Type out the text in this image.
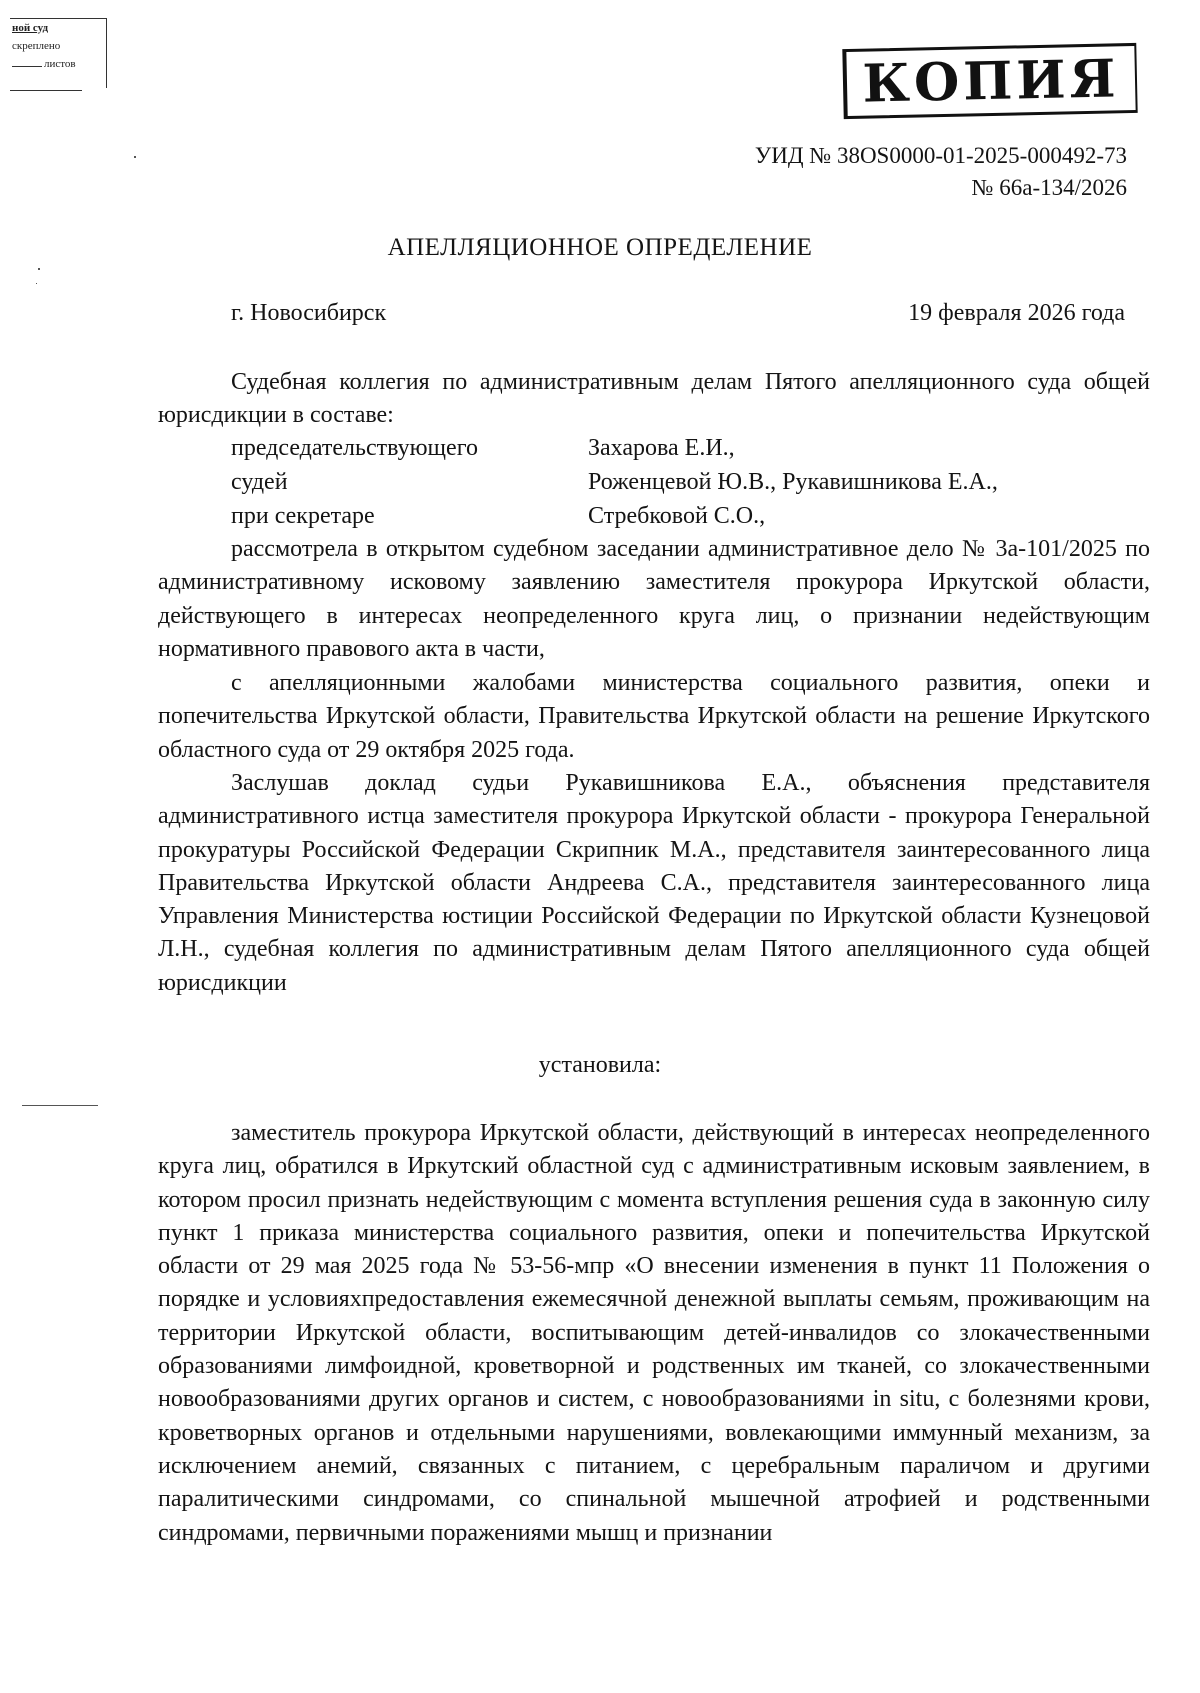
ной суд
скреплено
листов	КОПИЯ
УИД № 38OS0000-01-2025-000492-73
№ 66а-134/2026
АПЕЛЛЯЦИОННОЕ ОПРЕДЕЛЕНИЕ
г. Новосибирск	19 февраля 2026 года

Судебная коллегия по административным делам Пятого апелляционного суда общей юрисдикции в составе:

председательствующего	Захарова Е.И.,
судей	Роженцевой Ю.В., Рукавишникова Е.А.,
при секретаре	Стребковой С.О.,

рассмотрела в открытом судебном заседании административное дело № 3а-101/2025 по административному исковому заявлению заместителя прокурора Иркутской области, действующего в интересах неопределенного круга лиц, о признании недействующим нормативного правового акта в части,

с апелляционными жалобами министерства социального развития, опеки и попечительства Иркутской области, Правительства Иркутской области на решение Иркутского областного суда от 29 октября 2025 года.

Заслушав доклад судьи Рукавишникова Е.А., объяснения представителя административного истца заместителя прокурора Иркутской области - прокурора Генеральной прокуратуры Российской Федерации Скрипник М.А., представителя заинтересованного лица Правительства Иркутской области Андреева С.А., представителя заинтересованного лица Управления Министерства юстиции Российской Федерации по Иркутской области Кузнецовой Л.Н., судебная коллегия по административным делам Пятого апелляционного суда общей юрисдикции

установила:

заместитель прокурора Иркутской области, действующий в интересах неопределенного круга лиц, обратился в Иркутский областной суд с административным исковым заявлением, в котором просил признать недействующим с момента вступления решения суда в законную силу пункт 1 приказа министерства социального развития, опеки и попечительства Иркутской области от 29 мая 2025 года № 53-56-мпр «О внесении изменения в пункт 11 Положения о порядке и условияхпредоставления ежемесячной денежной выплаты семьям, проживающим на территории Иркутской области, воспитывающим детей-инвалидов со злокачественными образованиями лимфоидной, кроветворной и родственных им тканей, со злокачественными новообразованиями других органов и систем, с новообразованиями in situ, с болезнями крови, кроветворных органов и отдельными нарушениями, вовлекающими иммунный механизм, за исключением анемий, связанных с питанием, с церебральным параличом и другими паралитическими синдромами, со спинальной мышечной атрофией и родственными синдромами, первичными поражениями мышц и признании
